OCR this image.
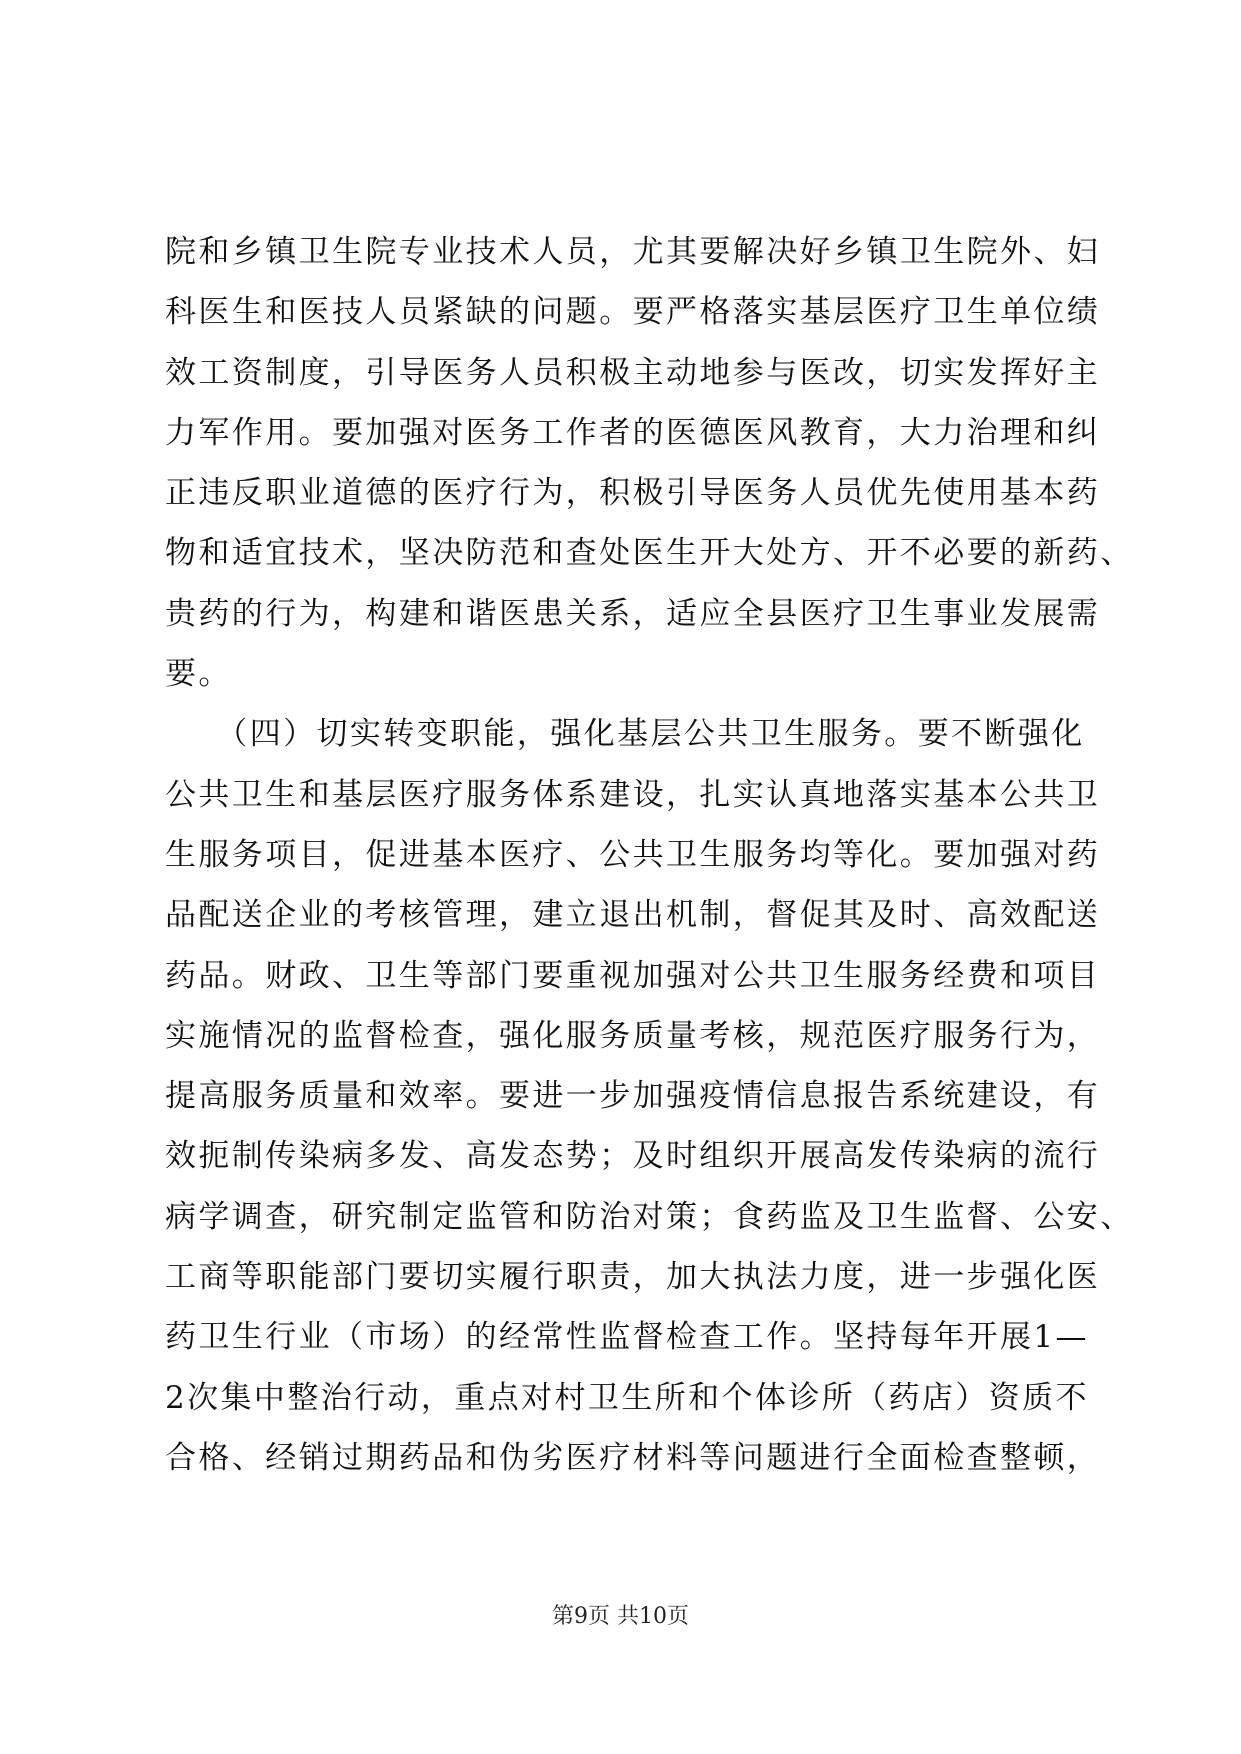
院和乡镇卫生院专业技术人员，尤其要解决好乡镇卫生院外、妇
科医生和医技人员紧缺的问题。要严格落实基层医疗卫生单位绩
效工资制度，引导医务人员积极主动地参与医改，切实发挥好主
力军作用。要加强对医务工作者的医德医风教育，大力治理和纠
正违反职业道德的医疗行为，积极引导医务人员优先使用基本药
物和适宜技术，坚决防范和查处医生开大处方、开不必要的新药、
贵药的行为，构建和谐医患关系，适应全县医疗卫生事业发展需
要。
　　（四）切实转变职能，强化基层公共卫生服务。要不断强化
公共卫生和基层医疗服务体系建设，扎实认真地落实基本公共卫
生服务项目，促进基本医疗、公共卫生服务均等化。要加强对药
品配送企业的考核管理，建立退出机制，督促其及时、高效配送
药品。财政、卫生等部门要重视加强对公共卫生服务经费和项目
实施情况的监督检查，强化服务质量考核，规范医疗服务行为，
提高服务质量和效率。要进一步加强疫情信息报告系统建设，有
效扼制传染病多发、高发态势；及时组织开展高发传染病的流行
病学调查，研究制定监管和防治对策；食药监及卫生监督、公安、
工商等职能部门要切实履行职责，加大执法力度，进一步强化医
药卫生行业（市场）的经常性监督检查工作。坚持每年开展1—
2次集中整治行动，重点对村卫生所和个体诊所（药店）资质不
合格、经销过期药品和伪劣医疗材料等问题进行全面检查整顿，
第9页 共10页
